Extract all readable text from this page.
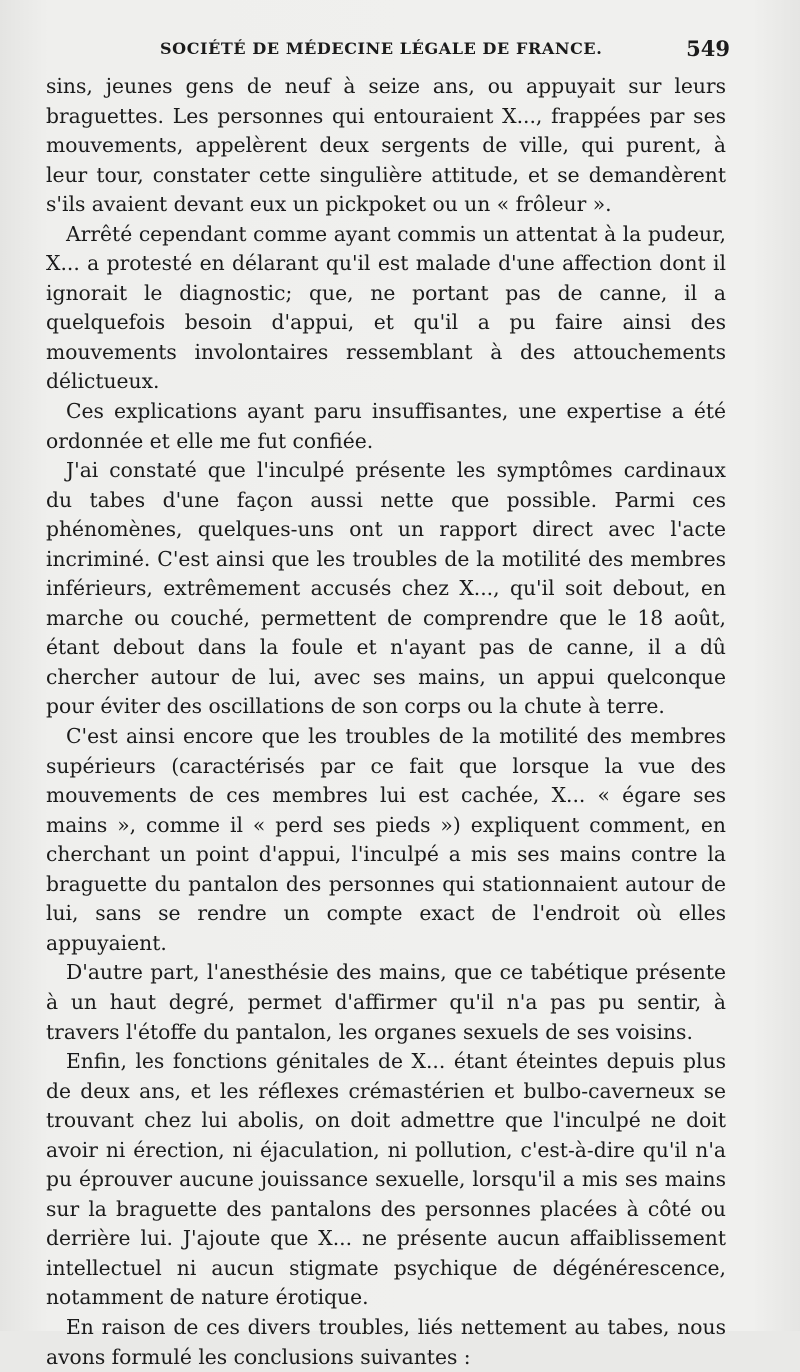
SOCIÉTÉ DE MÉDECINE LÉGALE DE FRANCE.	549

sins, jeunes gens de neuf à seize ans, ou appuyait sur leurs braguettes. Les personnes qui entouraient X..., frappées par ses mouvements, appelèrent deux sergents de ville, qui purent, à leur tour, constater cette singulière attitude, et se demandèrent s'ils avaient devant eux un pickpoket ou un « frôleur ».

Arrêté cependant comme ayant commis un attentat à la pudeur, X... a protesté en délarant qu'il est malade d'une affection dont il ignorait le diagnostic; que, ne portant pas de canne, il a quelquefois besoin d'appui, et qu'il a pu faire ainsi des mouvements involontaires ressemblant à des attouchements délictueux.

Ces explications ayant paru insuffisantes, une expertise a été ordonnée et elle me fut confiée.

J'ai constaté que l'inculpé présente les symptômes cardinaux du tabes d'une façon aussi nette que possible. Parmi ces phénomènes, quelques-uns ont un rapport direct avec l'acte incriminé. C'est ainsi que les troubles de la motilité des membres inférieurs, extrêmement accusés chez X..., qu'il soit debout, en marche ou couché, permettent de comprendre que le 18 août, étant debout dans la foule et n'ayant pas de canne, il a dû chercher autour de lui, avec ses mains, un appui quelconque pour éviter des oscillations de son corps ou la chute à terre.

C'est ainsi encore que les troubles de la motilité des membres supérieurs (caractérisés par ce fait que lorsque la vue des mouvements de ces membres lui est cachée, X... « égare ses mains », comme il « perd ses pieds ») expliquent comment, en cherchant un point d'appui, l'inculpé a mis ses mains contre la braguette du pantalon des personnes qui stationnaient autour de lui, sans se rendre un compte exact de l'endroit où elles appuyaient.

D'autre part, l'anesthésie des mains, que ce tabétique présente à un haut degré, permet d'affirmer qu'il n'a pas pu sentir, à travers l'étoffe du pantalon, les organes sexuels de ses voisins.

Enfin, les fonctions génitales de X... étant éteintes depuis plus de deux ans, et les réflexes crémastérien et bulbo-caverneux se trouvant chez lui abolis, on doit admettre que l'inculpé ne doit avoir ni érection, ni éjaculation, ni pollution, c'est-à-dire qu'il n'a pu éprouver aucune jouissance sexuelle, lorsqu'il a mis ses mains sur la braguette des pantalons des personnes placées à côté ou derrière lui. J'ajoute que X... ne présente aucun affaiblissement intellectuel ni aucun stigmate psychique de dégénérescence, notamment de nature érotique.

En raison de ces divers troubles, liés nettement au tabes, nous avons formulé les conclusions suivantes :
